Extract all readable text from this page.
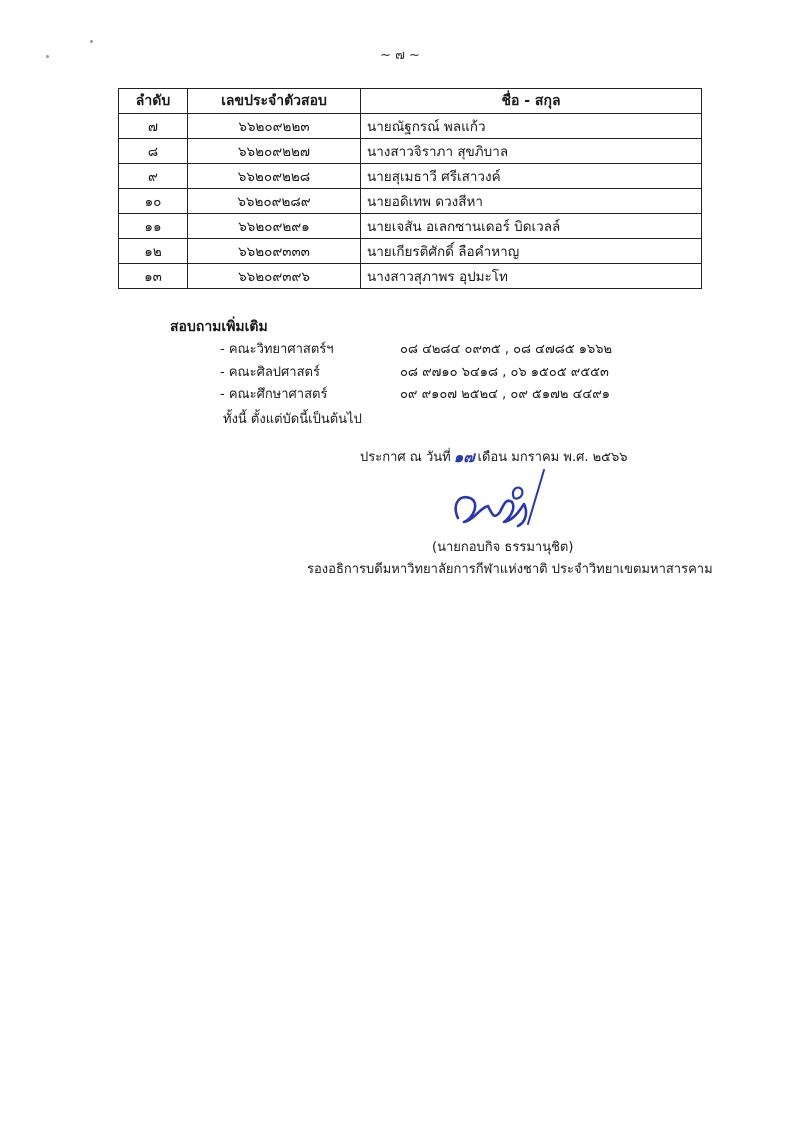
~ ๗ ~
ลำดับ	เลขประจำตัวสอบ	ชื่อ - สกุล
๗	๖๖๒๐๙๒๒๓	นายณัฐกรณ์ พลแก้ว
๘	๖๖๒๐๙๒๒๗	นางสาวจิราภา สุขภิบาล
๙	๖๖๒๐๙๒๒๘	นายสุเมธาวี ศรีเสาวงค์
๑๐	๖๖๒๐๙๒๘๙	นายอดิเทพ ดวงสีหา
๑๑	๖๖๒๐๙๒๙๑	นายเจสัน อเลกซานเดอร์ บิดเวลล์
๑๒	๖๖๒๐๙๓๓๓	นายเกียรติศักดิ์ ลือคำหาญ
๑๓	๖๖๒๐๙๓๙๖	นางสาวสุภาพร อุปมะโท
สอบถามเพิ่มเติม
- คณะวิทยาศาสตร์ฯ	๐๘ ๔๒๘๔ ๐๙๓๕ , ๐๘ ๔๗๘๕ ๑๖๖๒
- คณะศิลปศาสตร์	๐๘ ๙๗๑๐ ๖๔๑๘ , ๐๖ ๑๕๐๕ ๙๕๕๓
- คณะศึกษาศาสตร์	๐๙ ๙๑๐๗ ๒๕๒๔ , ๐๙ ๕๑๗๒ ๔๔๙๑
ทั้งนี้ ตั้งแต่บัดนี้เป็นต้นไป
ประกาศ ณ วันที่ ๑๗ เดือน มกราคม พ.ศ. ๒๕๖๖
(นายกอบกิจ ธรรมานุชิต)
รองอธิการบดีมหาวิทยาลัยการกีฬาแห่งชาติ ประจำวิทยาเขตมหาสารคาม
